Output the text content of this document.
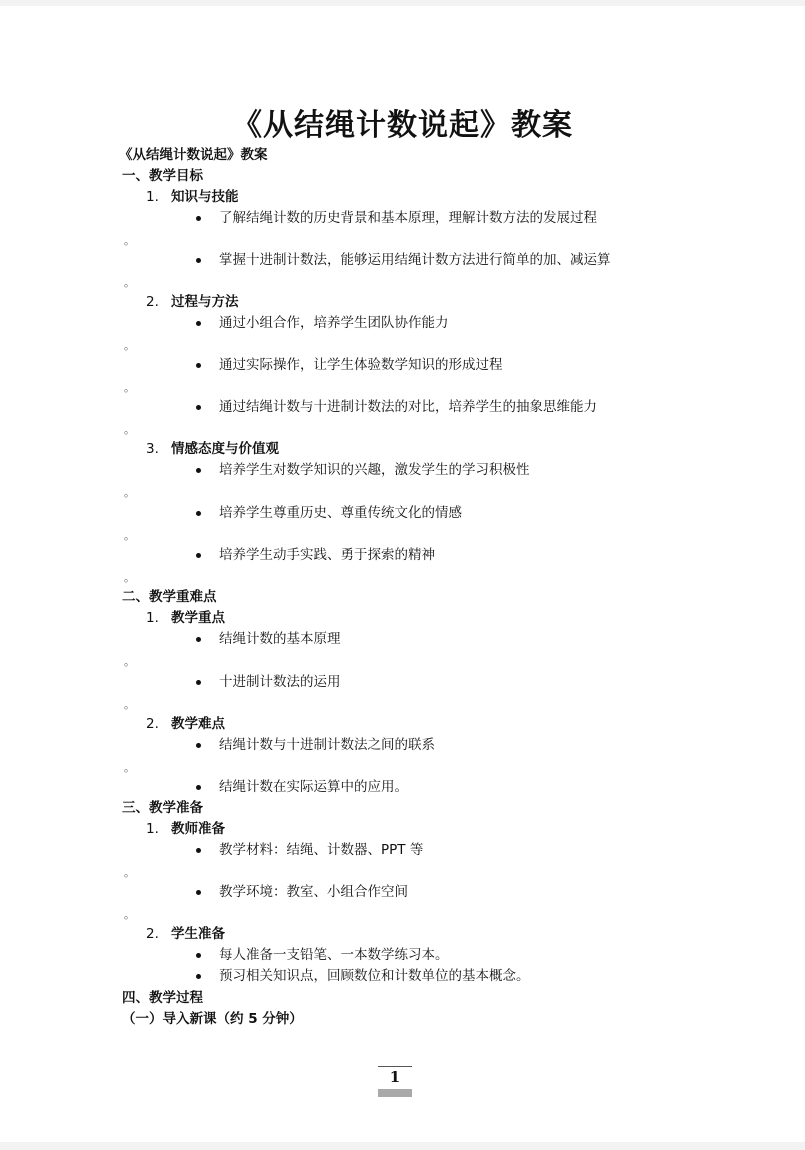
《从结绳计数说起》教案
《从结绳计数说起》教案
一、教学目标
1. 知识与技能
了解结绳计数的历史背景和基本原理，理解计数方法的发展过程
。
掌握十进制计数法，能够运用结绳计数方法进行简单的加、减运算
。
2. 过程与方法
通过小组合作，培养学生团队协作能力
。
通过实际操作，让学生体验数学知识的形成过程
。
通过结绳计数与十进制计数法的对比，培养学生的抽象思维能力
。
3. 情感态度与价值观
培养学生对数学知识的兴趣，激发学生的学习积极性
。
培养学生尊重历史、尊重传统文化的情感
。
培养学生动手实践、勇于探索的精神
。
二、教学重难点
1. 教学重点
结绳计数的基本原理
。
十进制计数法的运用
。
2. 教学难点
结绳计数与十进制计数法之间的联系
。
结绳计数在实际运算中的应用。
三、教学准备
1. 教师准备
教学材料：结绳、计数器、PPT 等
。
教学环境：教室、小组合作空间
。
2. 学生准备
每人准备一支铅笔、一本数学练习本。
预习相关知识点，回顾数位和计数单位的基本概念。
四、教学过程
（一）导入新课（约 5 分钟）
1
